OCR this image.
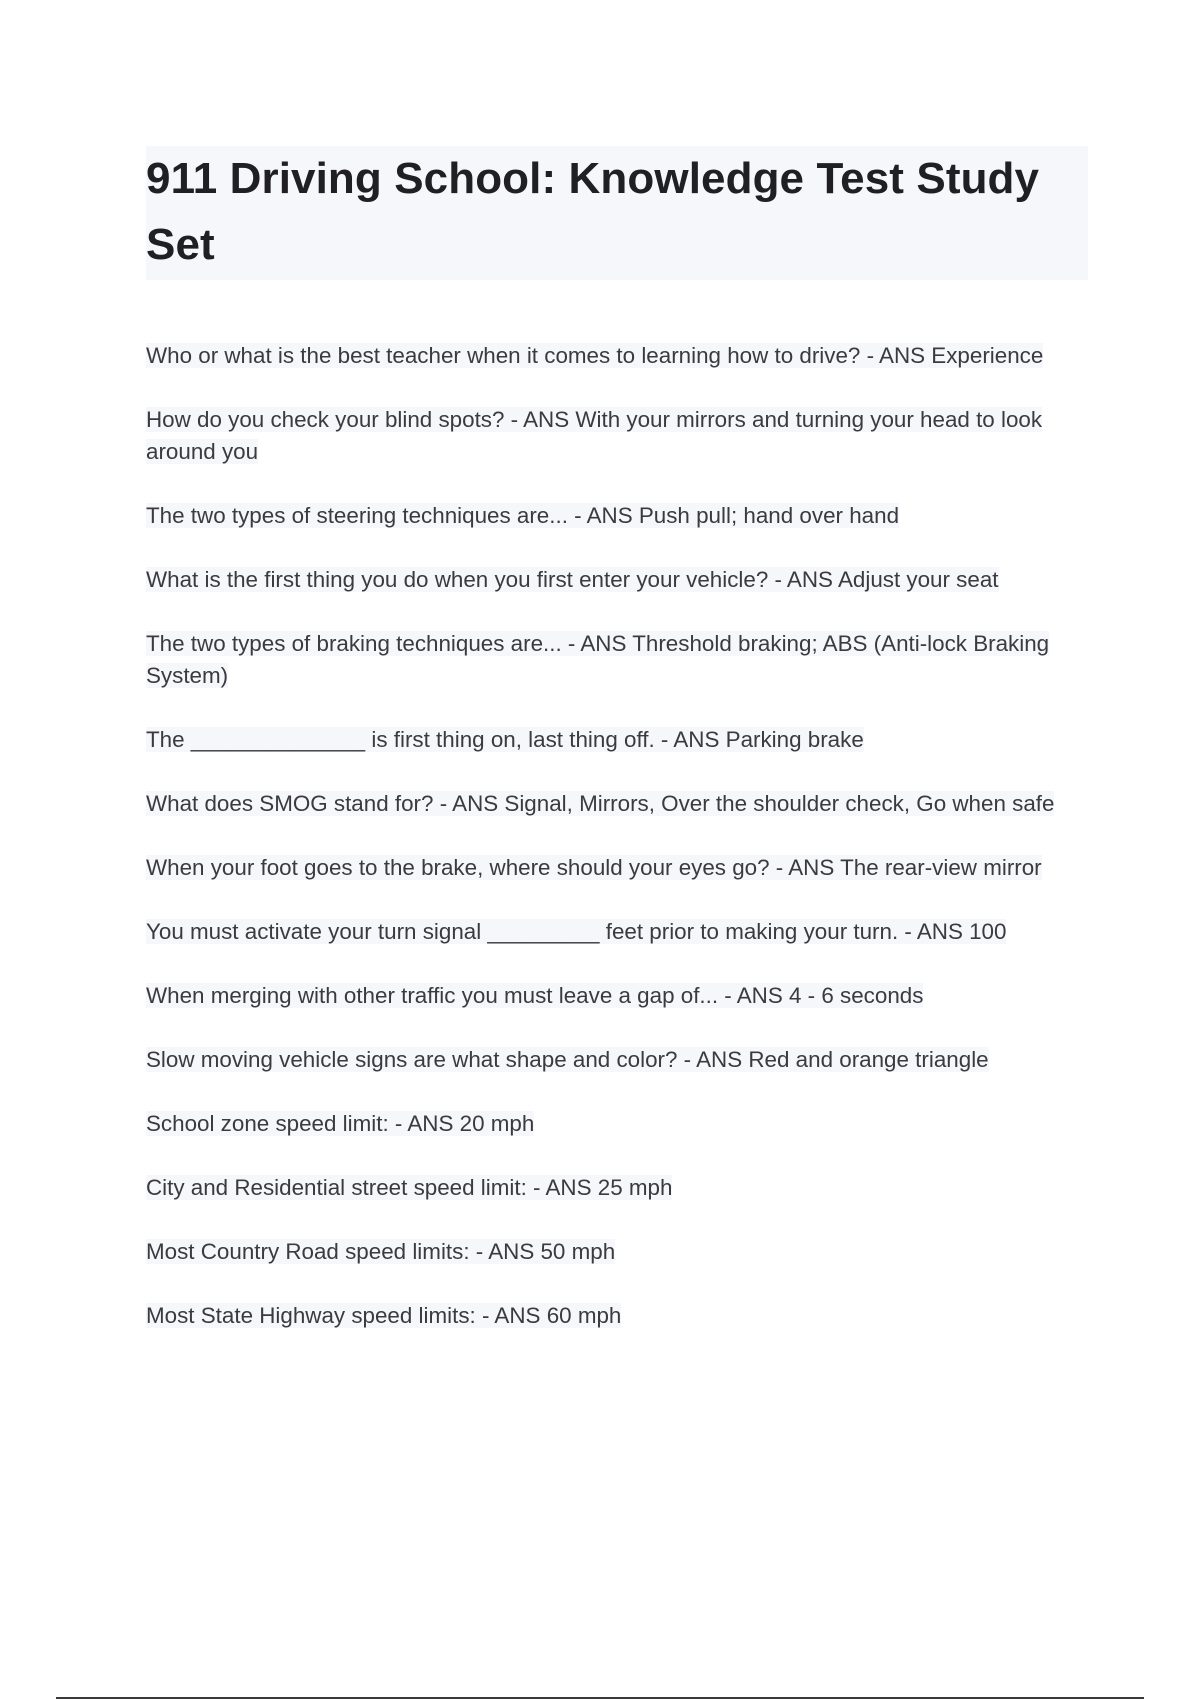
911 Driving School: Knowledge Test Study Set
Who or what is the best teacher when it comes to learning how to drive? - ANS Experience
How do you check your blind spots? - ANS With your mirrors and turning your head to look around you
The two types of steering techniques are... - ANS Push pull; hand over hand
What is the first thing you do when you first enter your vehicle? - ANS Adjust your seat
The two types of braking techniques are... - ANS Threshold braking; ABS (Anti-lock Braking System)
The ______________ is first thing on, last thing off. - ANS Parking brake
What does SMOG stand for? - ANS Signal, Mirrors, Over the shoulder check, Go when safe
When your foot goes to the brake, where should your eyes go? - ANS The rear-view mirror
You must activate your turn signal _________ feet prior to making your turn. - ANS 100
When merging with other traffic you must leave a gap of... - ANS 4 - 6 seconds
Slow moving vehicle signs are what shape and color? - ANS Red and orange triangle
School zone speed limit: - ANS 20 mph
City and Residential street speed limit: - ANS 25 mph
Most Country Road speed limits: - ANS 50 mph
Most State Highway speed limits: - ANS 60 mph
